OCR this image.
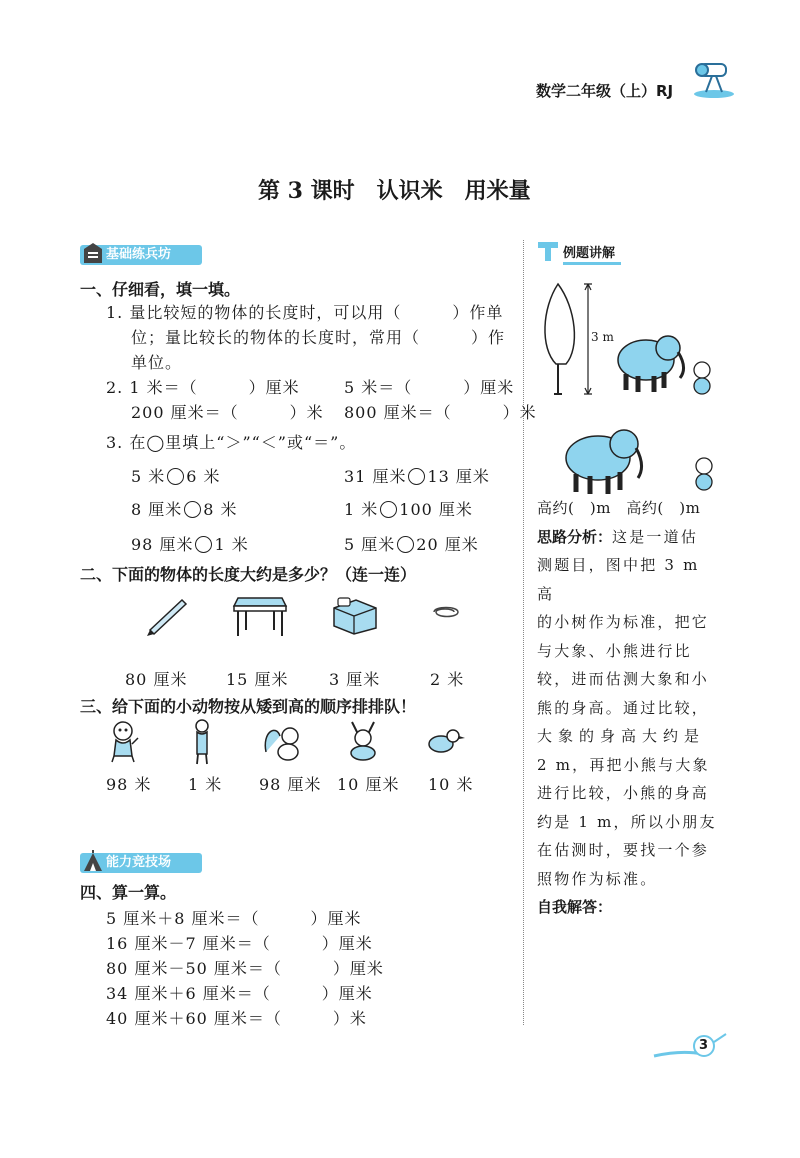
数学二年级（上）RJ
第 3 课时　认识米　用米量
基础练兵坊
一、仔细看，填一填。
1. 量比较短的物体的长度时，可以用（　　　）作单
位；量比较长的物体的长度时，常用（　　　）作
单位。
2. 1 米＝（　　　）厘米	5 米＝（　　　）厘米
200 厘米＝（　　　）米 800 厘米＝（　　　）米
3. 在◯里填上“＞”“＜”或“＝”。
5 米 6 米	31 厘米 13 厘米
8 厘米 8 米	1 米 100 厘米
98 厘米 1 米	5 厘米 20 厘米
二、下面的物体的长度大约是多少？（连一连）
80 厘米 15 厘米	3 厘米	2 米
三、给下面的小动物按从矮到高的顺序排排队！
98 米 1 米 98 厘米 10 厘米 10 米
能力竞技场
四、算一算。
5 厘米＋8 厘米＝（　　　）厘米
16 厘米－7 厘米＝（　　　）厘米
80 厘米－50 厘米＝（　　　）厘米
34 厘米＋6 厘米＝（　　　）厘米
40 厘米＋60 厘米＝（　　　）米
例题讲解
3 m

高约(　)m　高约(　)m

思路分析：这是一道估

测题目，图中把 3 m 高

的小树作为标准，把它

与大象、小熊进行比

较，进而估测大象和小

熊的身高。通过比较，

大象的身高大约是

2 m，再把小熊与大象

进行比较，小熊的身高

约是 1 m，所以小朋友

在估测时，要找一个参

照物作为标准。

自我解答：

3
